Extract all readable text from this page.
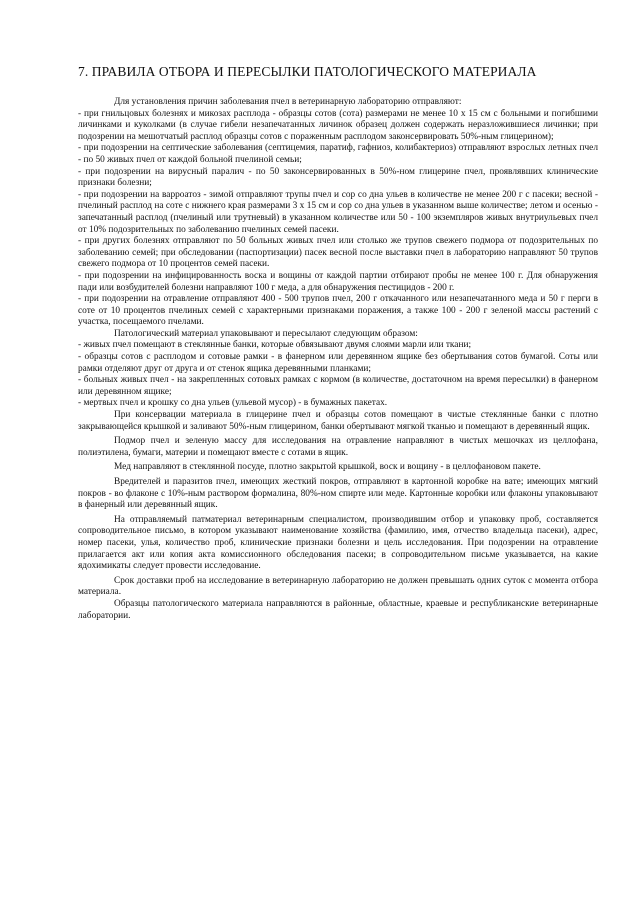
7. ПРАВИЛА ОТБОРА И ПЕРЕСЫЛКИ ПАТОЛОГИЧЕСКОГО МАТЕРИАЛА

Для установления причин заболевания пчел в ветеринарную лабораторию отправляют:

- при гнильцовых болезнях и микозах расплода - образцы сотов (сота) размерами не менее 10 х 15 см с больными и погибшими личинками и куколками (в случае гибели незапечатанных личинок образец должен содержать неразложившиеся личинки; при подозрении на мешотчатый расплод образцы сотов с пораженным расплодом законсервировать 50%-ным глицерином);

- при подозрении на септические заболевания (септицемия, паратиф, гафниоз, колибактериоз) отправляют взрослых летных пчел - по 50 живых пчел от каждой больной пчелиной семьи;

- при подозрении на вирусный паралич - по 50 законсервированных в 50%-ном глицерине пчел, проявлявших клинические признаки болезни;

- при подозрении на варроатоз - зимой отправляют трупы пчел и сор со дна ульев в количестве не менее 200 г с пасеки; весной - пчелиный расплод на соте с нижнего края размерами 3 х 15 см и сор со дна ульев в указанном выше количестве; летом и осенью - запечатанный расплод (пчелиный или трутневый) в указанном количестве или 50 - 100 экземпляров живых внутриульевых пчел от 10% подозрительных по заболеванию пчелиных семей пасеки.

- при других болезнях отправляют по 50 больных живых пчел или столько же трупов свежего подмора от подозрительных по заболеванию семей; при обследовании (паспортизации) пасек весной после выставки пчел в лабораторию направляют 50 трупов свежего подмора от 10 процентов семей пасеки.

- при подозрении на инфицированность воска и вощины от каждой партии отбирают пробы не менее 100 г. Для обнаружения пади или возбудителей болезни направляют 100 г меда, а для обнаружения пестицидов - 200 г.

- при подозрении на отравление отправляют 400 - 500 трупов пчел, 200 г откачанного или незапечатанного меда и 50 г перги в соте от 10 процентов пчелиных семей с характерными признаками поражения, а также 100 - 200 г зеленой массы растений с участка, посещаемого пчелами.

Патологический материал упаковывают и пересылают следующим образом:

- живых пчел помещают в стеклянные банки, которые обвязывают двумя слоями марли или ткани;

- образцы сотов с расплодом и сотовые рамки - в фанерном или деревянном ящике без обертывания сотов бумагой. Соты или рамки отделяют друг от друга и от стенок ящика деревянными планками;

- больных живых пчел - на закрепленных сотовых рамках с кормом (в количестве, достаточном на время пересылки) в фанерном или деревянном ящике;

- мертвых пчел и крошку со дна ульев (ульевой мусор) - в бумажных пакетах.

При консервации материала в глицерине пчел и образцы сотов помещают в чистые стеклянные банки с плотно закрывающейся крышкой и заливают 50%-ным глицерином, банки обертывают мягкой тканью и помещают в деревянный ящик.

Подмор пчел и зеленую массу для исследования на отравление направляют в чистых мешочках из целлофана, полиэтилена, бумаги, материи и помещают вместе с сотами в ящик.

Мед направляют в стеклянной посуде, плотно закрытой крышкой, воск и вощину - в целлофановом пакете.

Вредителей и паразитов пчел, имеющих жесткий покров, отправляют в картонной коробке на вате; имеющих мягкий покров - во флаконе с 10%-ным раствором формалина, 80%-ном спирте или меде. Картонные коробки или флаконы упаковывают в фанерный или деревянный ящик.

На отправляемый патматериал ветеринарным специалистом, производившим отбор и упаковку проб, составляется сопроводительное письмо, в котором указывают наименование хозяйства (фамилию, имя, отчество владельца пасеки), адрес, номер пасеки, улья, количество проб, клинические признаки болезни и цель исследования. При подозрении на отравление прилагается акт или копия акта комиссионного обследования пасеки; в сопроводительном письме указывается, на какие ядохимикаты следует провести исследование.

Срок доставки проб на исследование в ветеринарную лабораторию не должен превышать одних суток с момента отбора материала.

Образцы патологического материала направляются в районные, областные, краевые и республиканские ветеринарные лаборатории.
